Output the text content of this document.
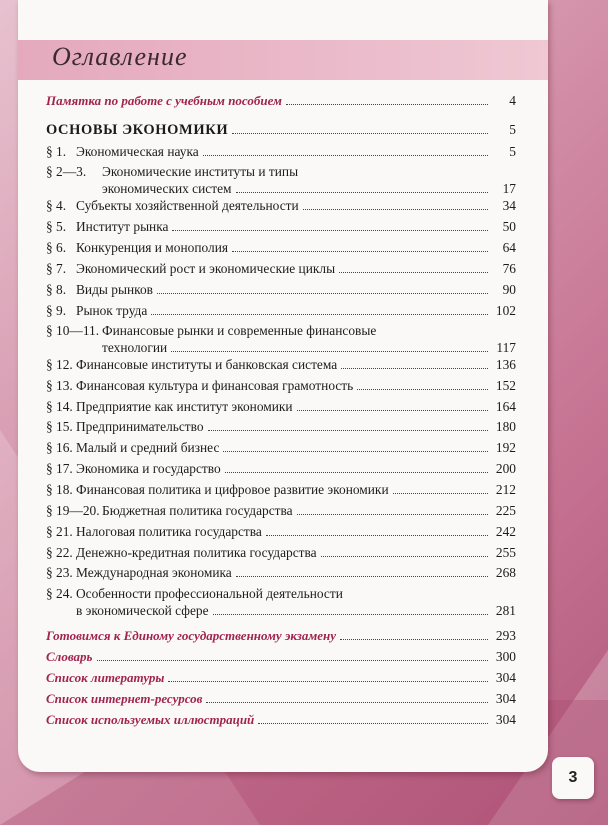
Оглавление
Памятка по работе с учебным пособием	4
ОСНОВЫ ЭКОНОМИКИ	5
§ 1. Экономическая наука	5
§ 2—3.	Экономические институты и типы
экономических систем	17
§ 4. Субъекты хозяйственной деятельности	34
§ 5. Институт рынка	50
§ 6. Конкуренция и монополия	64
§ 7. Экономический рост и экономические циклы	76
§ 8. Виды рынков	90
§ 9. Рынок труда	102
§ 10—11. Финансовые рынки и современные финансовые
технологии	117
§ 12. Финансовые институты и банковская система	136
§ 13. Финансовая культура и финансовая грамотность	152
§ 14. Предприятие как институт экономики	164
§ 15. Предпринимательство	180
§ 16. Малый и средний бизнес	192
§ 17. Экономика и государство	200
§ 18. Финансовая политика и цифровое развитие экономики	212
§ 19—20. Бюджетная политика государства	225
§ 21. Налоговая политика государства	242
§ 22. Денежно-кредитная политика государства	255
§ 23. Международная экономика	268
§ 24. Особенности профессиональной деятельности
в экономической сфере	281
Готовимся к Единому государственному экзамену	293
Словарь	300
Список литературы	304
Список интернет-ресурсов	304
Список используемых иллюстраций	304
3
